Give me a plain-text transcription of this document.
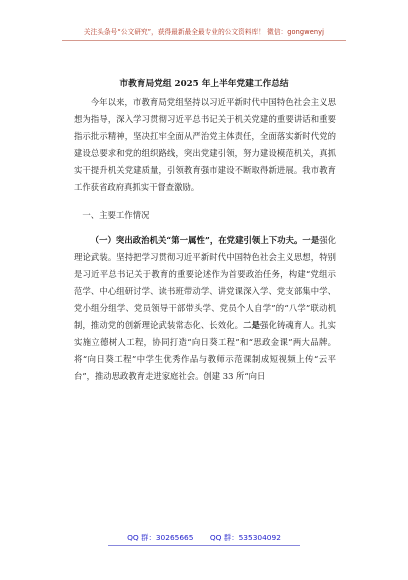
关注头条号“公文研究”，获得最新最全最专业的公文资料库！ 微信：gongwenyj
市教育局党组 2025 年上半年党建工作总结

今年以来，市教育局党组坚持以习近平新时代中国特色社会主义思想为指导，深入学习贯彻习近平总书记关于机关党建的重要讲话和重要指示批示精神，坚决扛牢全面从严治党主体责任，全面落实新时代党的建设总要求和党的组织路线，突出党建引领，努力建设模范机关，真抓实干提升机关党建质量，引领教育强市建设不断取得新进展。我市教育工作获省政府真抓实干督查激励。

一、主要工作情况

（一）突出政治机关“第一属性”，在党建引领上下功夫。一是强化理论武装。坚持把学习贯彻习近平新时代中国特色社会主义思想，特别是习近平总书记关于教育的重要论述作为首要政治任务，构建“党组示范学、中心组研讨学、读书班带动学、讲党课深入学、党支部集中学、党小组分组学、党员领导干部带头学、党员个人自学”的“八学”联动机制，推动党的创新理论武装常态化、长效化。二是强化铸魂育人。扎实实施立德树人工程，协同打造“向日葵工程”和“思政金课”两大品牌。将“向日葵工程”中学生优秀作品与教师示范课制成短视频上传“云平台”，推动思政教育走进家庭社会。创建 33 所“向日

QQ 群：30265665 QQ 群：535304092
